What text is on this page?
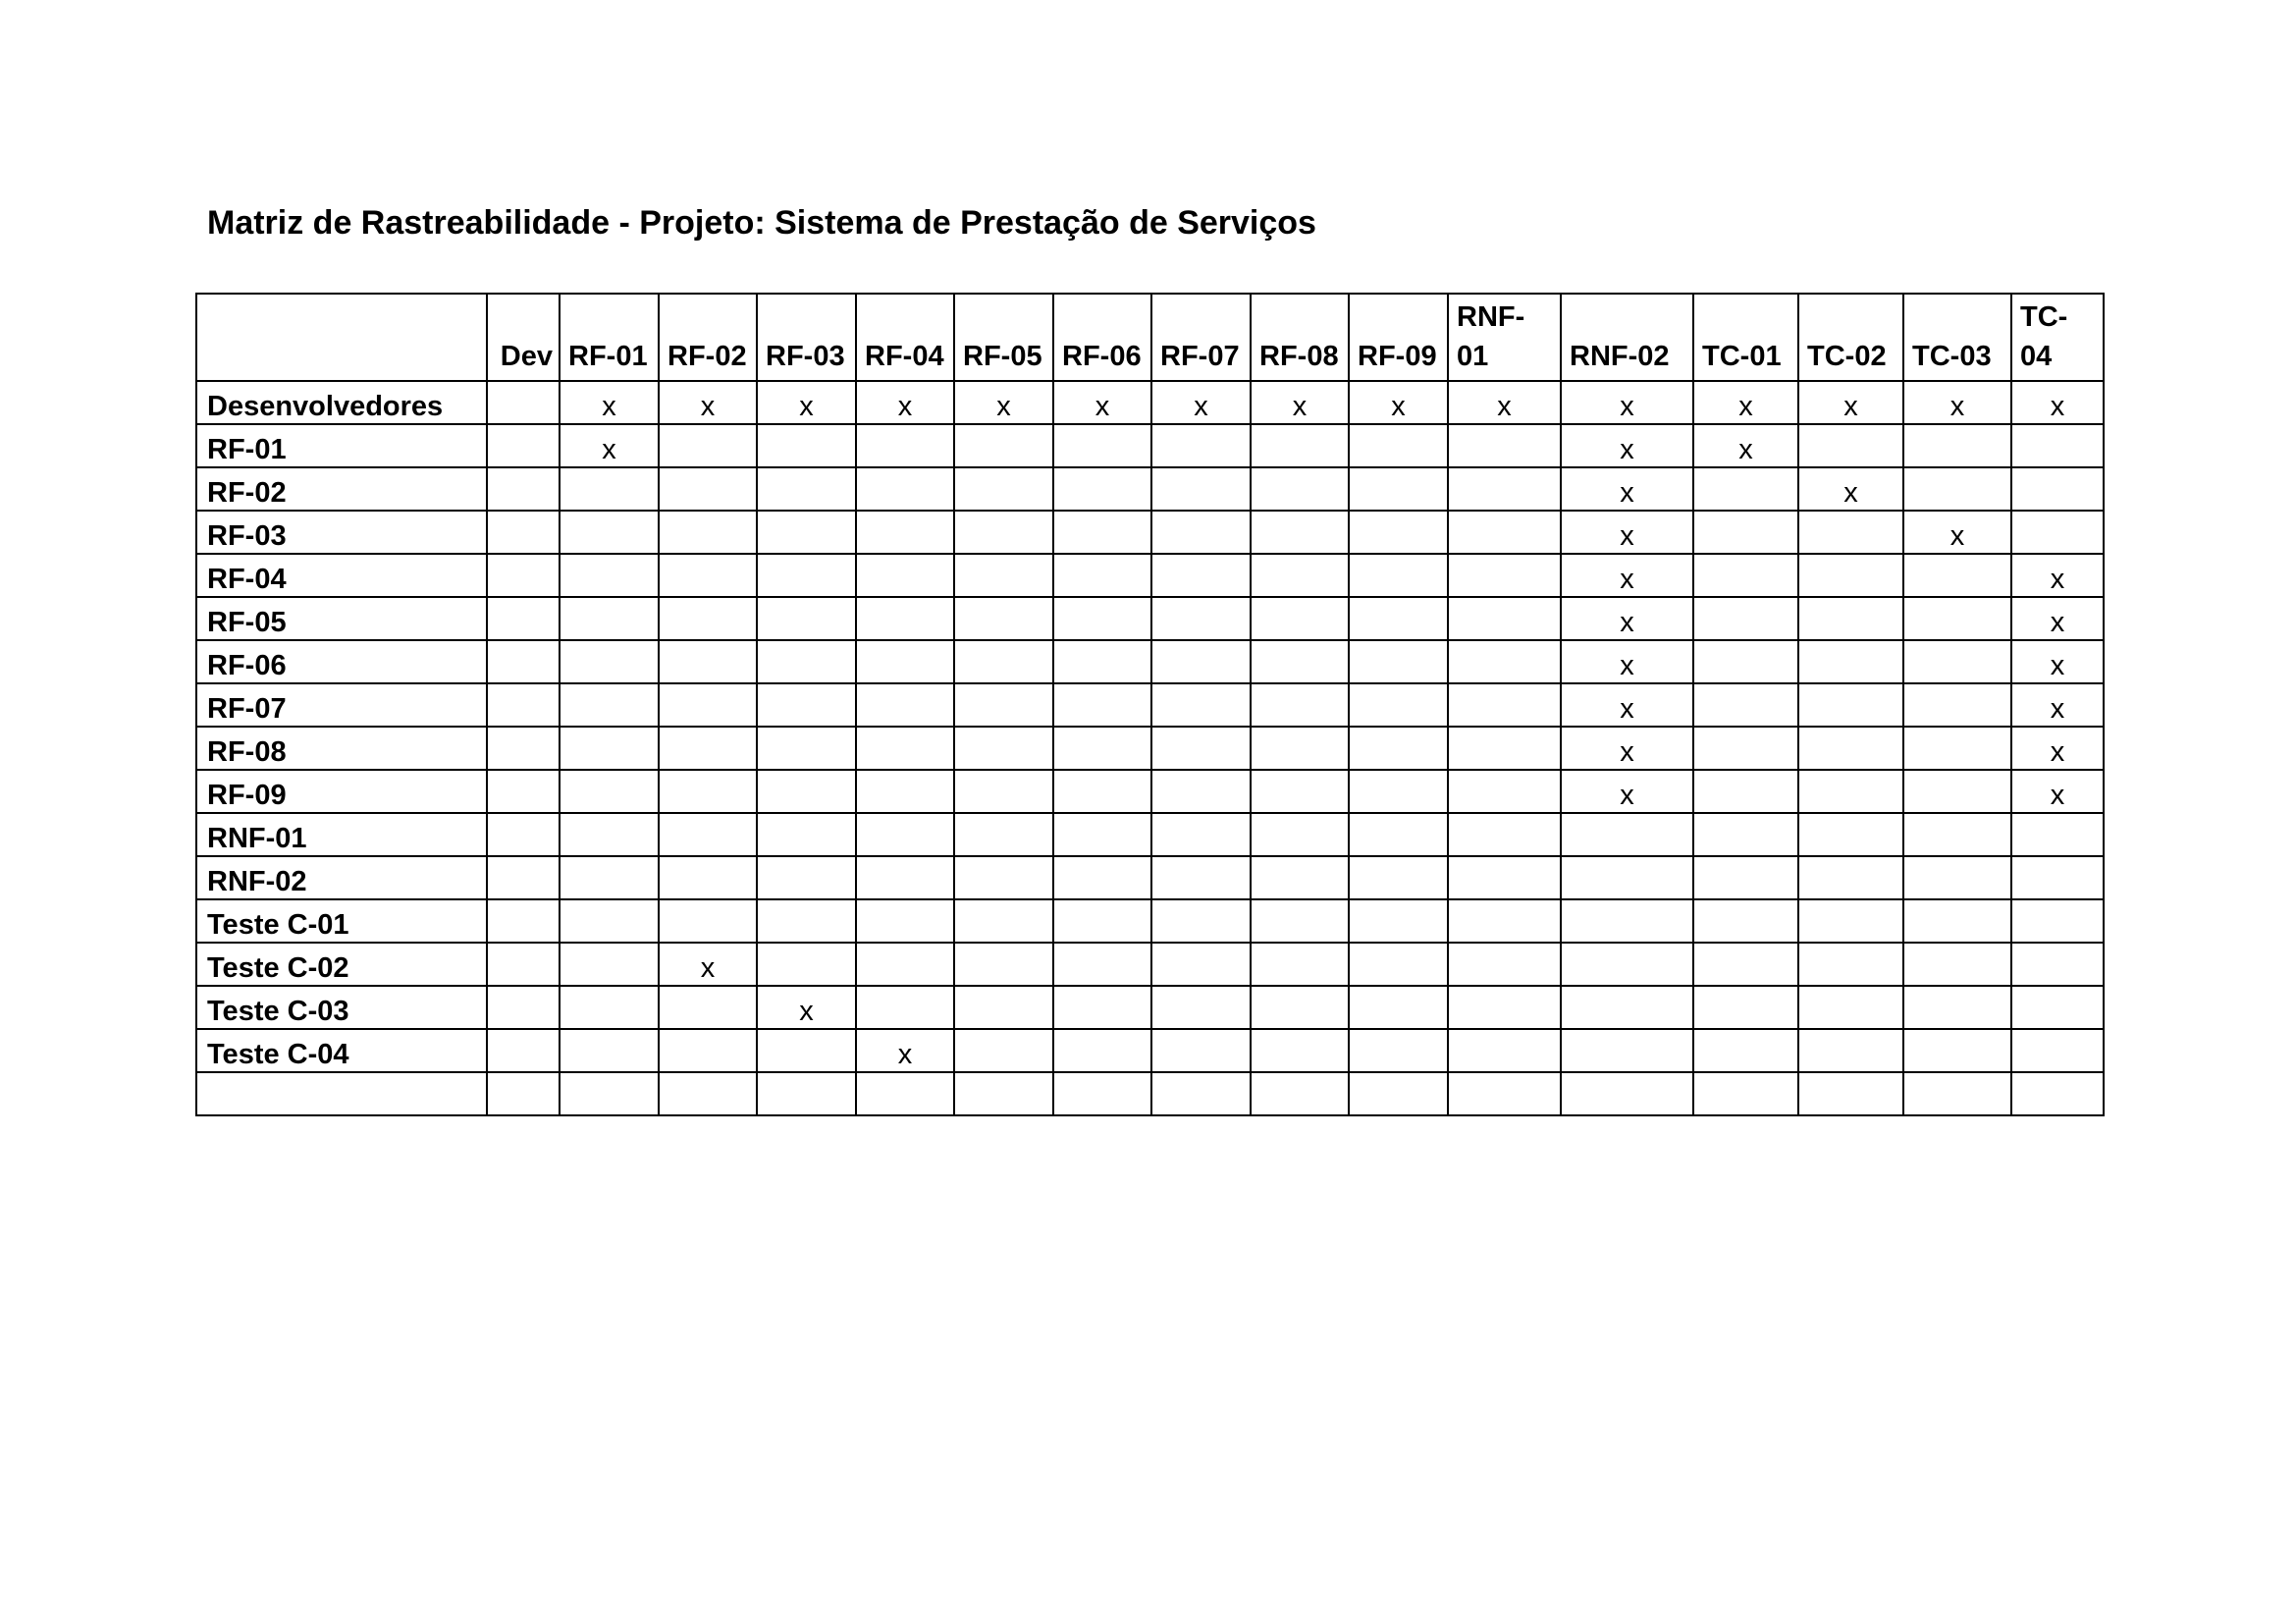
Matriz de Rastreabilidade - Projeto: Sistema de Prestação de Serviços
	Dev	RF-01	RF-02	RF-03	RF-04	RF-05	RF-06	RF-07	RF-08	RF-09	RNF-01	RNF-02	TC-01	TC-02	TC-03	TC-04
Desenvolvedores		x	x	x	x	x	x	x	x	x	x	x	x	x	x	x
RF-01		x										x	x			
RF-02												x		x		
RF-03												x			x	
RF-04												x				x
RF-05												x				x
RF-06												x				x
RF-07												x				x
RF-08												x				x
RF-09												x				x
RNF-01																
RNF-02																
Teste C-01																
Teste C-02			x													
Teste C-03				x												
Teste C-04					x											
